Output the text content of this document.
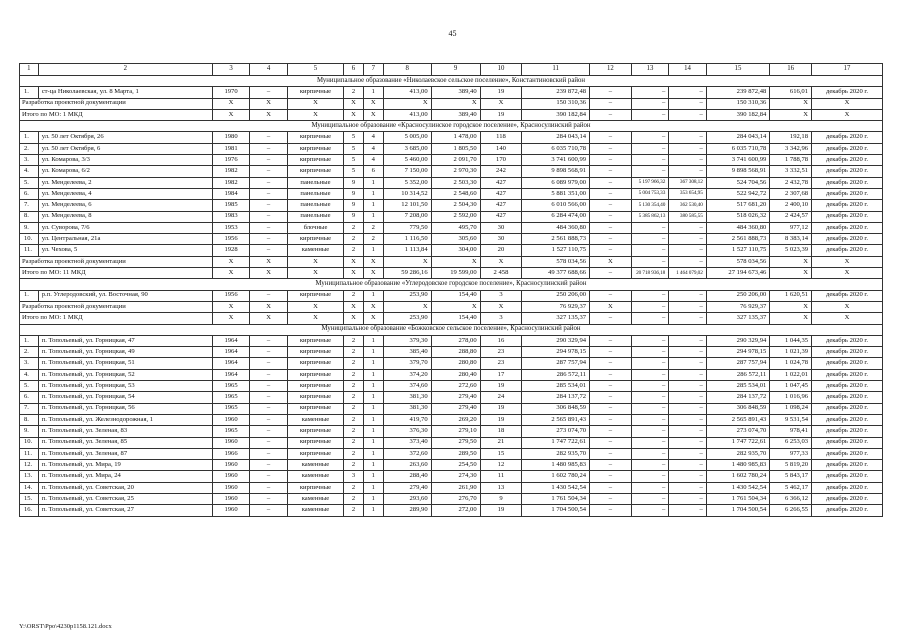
45
1	2	3	4	5	6	7	8	9	10	11	12	13	14	15	16	17
Муниципальное образование «Николаевское сельское поселение», Константиновский район																
1.	ст-ца Николаевская, ул. 8 Марта, 1	1970	–	кирпичные	2	1	413,00	389,40	19	239 872,48	–	–	–	239 872,48	616,01	декабрь 2020 г.
Разработка проектной документации		X	X	X	X	X	X	X	X	150 310,36	–	–	–	150 310,36	X	X
Итого по МО: 1 МКД		X	X	X	X	X	413,00	389,40	19	390 182,84	–	–	–	390 182,84	X	X
Муниципальное образование «Красносулинское городское поселение», Красносулинский район																
1.	ул. 50 лет Октября, 26	1980	–	кирпичные	5	4	5 005,00	1 478,00	118	284 043,14	–	–	–	284 043,14	192,18	декабрь 2020 г.
2.	ул. 50 лет Октября, 6	1981	–	кирпичные	5	4	3 685,00	1 805,50	140	6 035 710,78	–	–	–	6 035 710,78	3 342,96	декабрь 2020 г.
3.	ул. Комарова, 3/3	1976	–	кирпичные	5	4	5 460,00	2 091,70	170	3 741 600,99	–	–	–	3 741 600,99	1 788,78	декабрь 2020 г.
4.	ул. Комарова, 6/2	1982	–	кирпичные	5	6	7 150,00	2 970,30	242	9 898 568,91	–	–	–	9 898 568,91	3 332,51	декабрь 2020 г.
5.	ул. Менделеева, 2	1982	–	панельные	9	1	5 352,00	2 503,30	427	6 089 979,00	–	5 197 966,32	367 308,12	524 704,56	2 432,78	декабрь 2020 г.
6.	ул. Менделеева, 4	1984	–	панельные	9	1	10 314,52	2 548,60	427	5 881 351,00	–	5 004 753,33	353 654,95	522 942,72	2 307,68	декабрь 2020 г.
7.	ул. Менделеева, 6	1985	–	панельные	9	1	12 101,50	2 504,30	427	6 010 566,00	–	5 130 354,40	362 530,40	517 681,20	2 400,10	декабрь 2020 г.
8.	ул. Менделеева, 8	1983	–	панельные	9	1	7 208,00	2 592,00	427	6 284 474,00	–	5 385 862,13	380 585,55	518 026,32	2 424,57	декабрь 2020 г.
9.	ул. Суворова, 7/6	1953	–	блочные	2	2	779,50	495,70	30	484 360,80	–	–	–	484 360,80	977,12	декабрь 2020 г.
10.	ул. Центральная, 21а	1956	–	кирпичные	2	2	1 116,50	305,60	30	2 561 888,73	–	–	–	2 561 888,73	8 383,14	декабрь 2020 г.
11.	ул. Чехова, 5	1928	–	каменные	2	1	1 113,84	304,00	20	1 527 110,75	–	–	–	1 527 110,75	5 023,39	декабрь 2020 г.
Разработка проектной документации		X	X	X	X	X	X	X	X	578 034,56	X	–	–	578 034,56	X	X
Итого по МО: 11 МКД		X	X	X	X	X	59 286,16	19 599,00	2 458	49 377 688,66	–	20 718 936,18	1 464 079,02	27 194 673,46	X	X
Муниципальное образование «Углеродовское городское поселение», Красносулинский район																
1.	р.п. Углеродовский, ул. Восточная, 90	1956	–	кирпичные	2	1	253,90	154,40	3	250 206,00	–	–	–	250 206,00	1 620,51	декабрь 2020 г.
Разработка проектной документации		X	X	X	X	X	X	X	X	76 929,37	X	–	–	76 929,37	X	X
Итого по МО: 1 МКД		X	X	X	X	X	253,90	154,40	3	327 135,37	–	–	–	327 135,37	X	X
Муниципальное образование «Божковское сельское поселение», Красносулинский район																
1.	п. Топольевый, ул. Горницкая, 47	1964	–	кирпичные	2	1	379,30	278,00	16	290 329,94	–	–	–	290 329,94	1 044,35	декабрь 2020 г.
2.	п. Топольевый, ул. Горницкая, 49	1964	–	кирпичные	2	1	385,40	288,80	23	294 978,15	–	–	–	294 978,15	1 021,39	декабрь 2020 г.
3.	п. Топольевый, ул. Горницкая, 51	1964	–	кирпичные	2	1	379,70	280,80	23	287 757,94	–	–	–	287 757,94	1 024,78	декабрь 2020 г.
4.	п. Топольевый, ул. Горницкая, 52	1964	–	кирпичные	2	1	374,20	280,40	17	286 572,11	–	–	–	286 572,11	1 022,01	декабрь 2020 г.
5.	п. Топольевый, ул. Горницкая, 53	1965	–	кирпичные	2	1	374,60	272,60	19	285 534,01	–	–	–	285 534,01	1 047,45	декабрь 2020 г.
6.	п. Топольевый, ул. Горницкая, 54	1965	–	кирпичные	2	1	381,30	279,40	24	284 137,72	–	–	–	284 137,72	1 016,96	декабрь 2020 г.
7.	п. Топольевый, ул. Горницкая, 56	1965	–	кирпичные	2	1	381,30	279,40	19	306 848,59	–	–	–	306 848,59	1 098,24	декабрь 2020 г.
8.	п. Топольевый, ул. Железнодорожная, 1	1960	–	каменные	2	1	419,70	269,20	19	2 565 891,43	–	–	–	2 565 891,43	9 531,54	декабрь 2020 г.
9.	п. Топольевый, ул. Зеленая, 83	1965	–	кирпичные	2	1	376,30	279,10	18	273 074,70	–	–	–	273 074,70	978,41	декабрь 2020 г.
10.	п. Топольевый, ул. Зеленая, 85	1960	–	кирпичные	2	1	373,40	279,50	21	1 747 722,61	–	–	–	1 747 722,61	6 253,03	декабрь 2020 г.
11.	п. Топольевый, ул. Зеленая, 87	1966	–	кирпичные	2	1	372,60	289,50	15	282 935,70	–	–	–	282 935,70	977,33	декабрь 2020 г.
12.	п. Топольевый, ул. Мира, 19	1960	–	каменные	2	1	263,60	254,50	12	1 480 985,83	–	–	–	1 480 985,83	5 819,20	декабрь 2020 г.
13.	п. Топольевый, ул. Мира, 24	1960	–	каменные	3	1	288,40	274,30	11	1 602 780,24	–	–	–	1 602 780,24	5 843,17	декабрь 2020 г.
14.	п. Топольевый, ул. Советская, 20	1960	–	кирпичные	2	1	279,40	261,90	13	1 430 542,54	–	–	–	1 430 542,54	5 462,17	декабрь 2020 г.
15.	п. Топольевый, ул. Советская, 25	1960	–	каменные	2	1	293,60	276,70	9	1 761 504,34	–	–	–	1 761 504,34	6 366,12	декабрь 2020 г.
16.	п. Топольевый, ул. Советская, 27	1960	–	каменные	2	1	289,90	272,00	19	1 704 500,54	–	–	–	1 704 500,54	6 266,55	декабрь 2020 г.
Y:\ORST\Ppo\4230p1158.121.docx
